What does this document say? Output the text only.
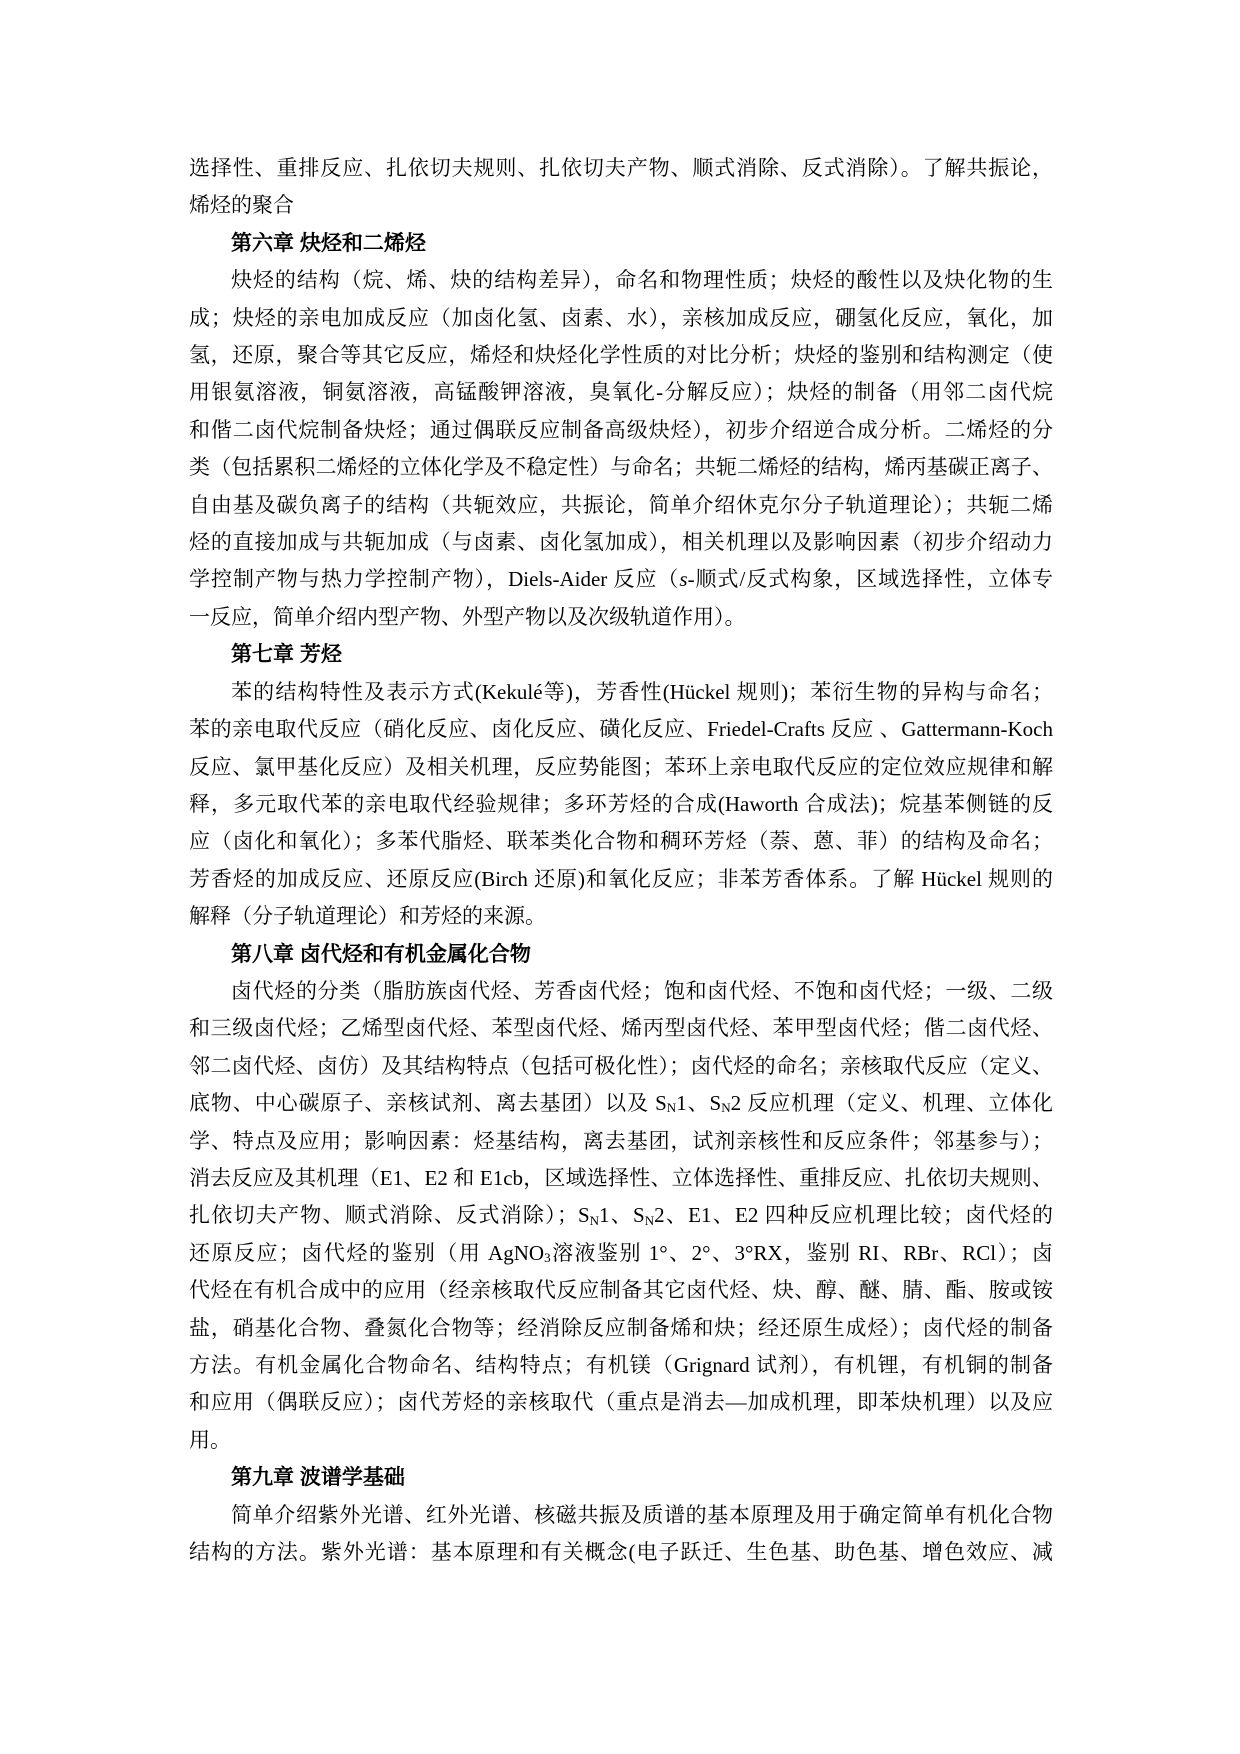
选择性、重排反应、扎依切夫规则、扎依切夫产物、顺式消除、反式消除）。了解共振论，
烯烃的聚合
第六章 炔烃和二烯烃
炔烃的结构（烷、烯、炔的结构差异），命名和物理性质；炔烃的酸性以及炔化物的生
成；炔烃的亲电加成反应（加卤化氢、卤素、水），亲核加成反应，硼氢化反应，氧化，加
氢，还原，聚合等其它反应，烯烃和炔烃化学性质的对比分析；炔烃的鉴别和结构测定（使
用银氨溶液，铜氨溶液，高锰酸钾溶液，臭氧化-分解反应）；炔烃的制备（用邻二卤代烷
和偕二卤代烷制备炔烃；通过偶联反应制备高级炔烃），初步介绍逆合成分析。二烯烃的分
类（包括累积二烯烃的立体化学及不稳定性）与命名；共轭二烯烃的结构，烯丙基碳正离子、
自由基及碳负离子的结构（共轭效应，共振论，简单介绍休克尔分子轨道理论）；共轭二烯
烃的直接加成与共轭加成（与卤素、卤化氢加成），相关机理以及影响因素（初步介绍动力
学控制产物与热力学控制产物），Diels-Aider 反应（s-顺式/反式构象，区域选择性，立体专
一反应，简单介绍内型产物、外型产物以及次级轨道作用）。
第七章 芳烃
苯的结构特性及表示方式(Kekulé等)，芳香性(Hückel 规则)；苯衍生物的异构与命名；
苯的亲电取代反应（硝化反应、卤化反应、磺化反应、Friedel-Crafts 反应 、Gattermann-Koch
反应、氯甲基化反应）及相关机理，反应势能图；苯环上亲电取代反应的定位效应规律和解
释，多元取代苯的亲电取代经验规律；多环芳烃的合成(Haworth 合成法)；烷基苯侧链的反
应（卤化和氧化）；多苯代脂烃、联苯类化合物和稠环芳烃（萘、蒽、菲）的结构及命名；
芳香烃的加成反应、还原反应(Birch 还原)和氧化反应；非苯芳香体系。了解 Hückel 规则的
解释（分子轨道理论）和芳烃的来源。
第八章 卤代烃和有机金属化合物
卤代烃的分类（脂肪族卤代烃、芳香卤代烃；饱和卤代烃、不饱和卤代烃；一级、二级
和三级卤代烃；乙烯型卤代烃、苯型卤代烃、烯丙型卤代烃、苯甲型卤代烃；偕二卤代烃、
邻二卤代烃、卤仿）及其结构特点（包括可极化性）；卤代烃的命名；亲核取代反应（定义、
底物、中心碳原子、亲核试剂、离去基团）以及 $S_N1$、$S_N2$ 反应机理（定义、机理、立体化
学、特点及应用；影响因素：烃基结构，离去基团，试剂亲核性和反应条件；邻基参与）；
消去反应及其机理（E1、E2 和 E1cb，区域选择性、立体选择性、重排反应、扎依切夫规则、
扎依切夫产物、顺式消除、反式消除）；$S_N1$、$S_N2$、E1、E2 四种反应机理比较；卤代烃的
还原反应；卤代烃的鉴别（用 AgNO$_3$溶液鉴别 1°、2°、3°RX，鉴别 RI、RBr、RCl）；卤
代烃在有机合成中的应用（经亲核取代反应制备其它卤代烃、炔、醇、醚、腈、酯、胺或铵
盐，硝基化合物、叠氮化合物等；经消除反应制备烯和炔；经还原生成烃）；卤代烃的制备
方法。有机金属化合物命名、结构特点；有机镁（Grignard 试剂），有机锂，有机铜的制备
和应用（偶联反应）；卤代芳烃的亲核取代（重点是消去—加成机理，即苯炔机理）以及应
用。
第九章 波谱学基础
简单介绍紫外光谱、红外光谱、核磁共振及质谱的基本原理及用于确定简单有机化合物
结构的方法。紫外光谱：基本原理和有关概念(电子跃迁、生色基、助色基、增色效应、减
